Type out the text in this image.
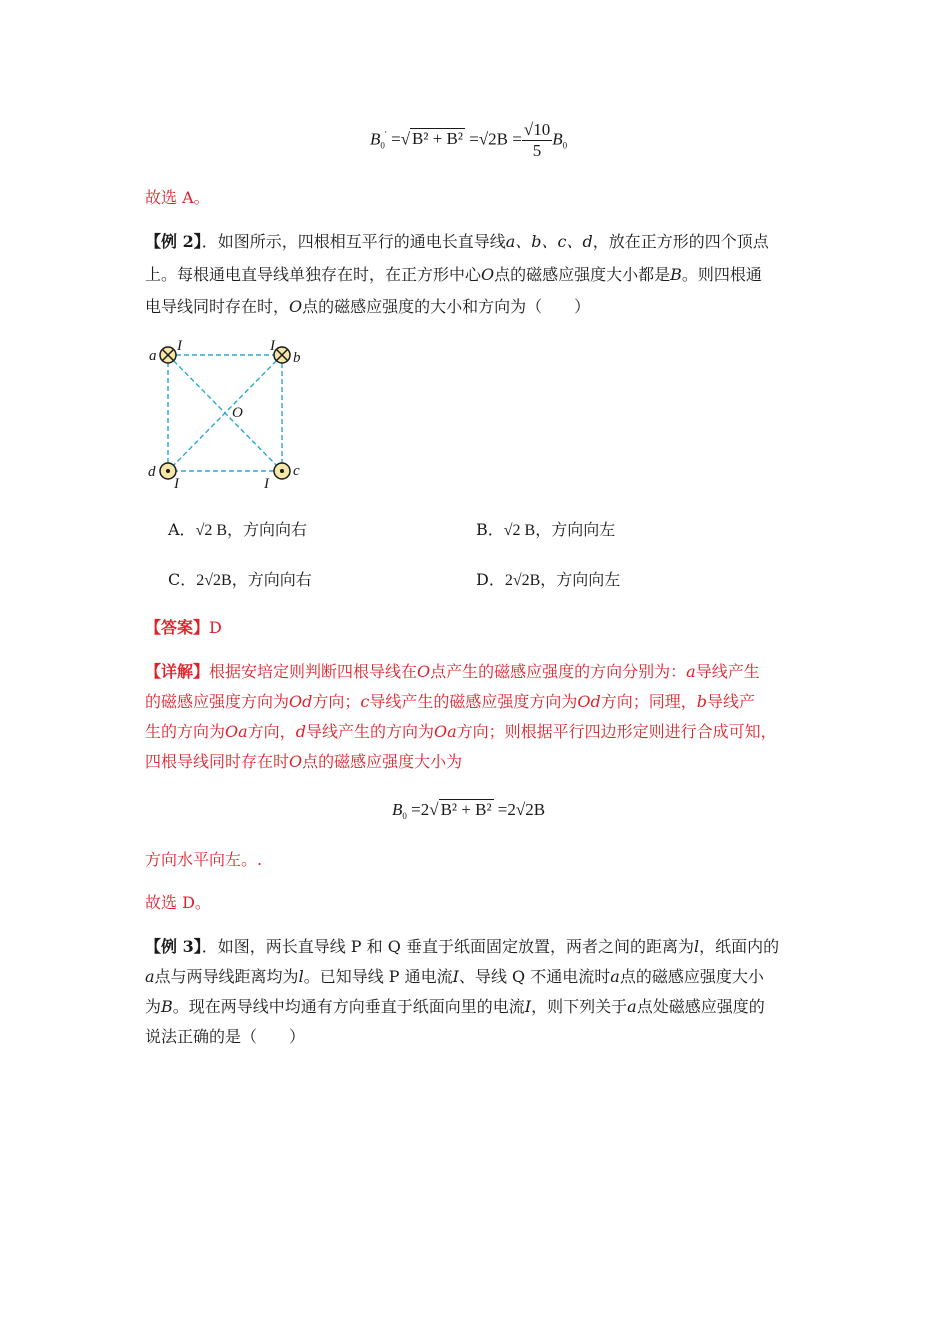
$B_0'$ =√ $B^2 + B^2 =√2B = \frac{√10}{5} B_0$
故选 A。
【例 2】．如图所示，四根相互平行的通电长直导线a、b、c、d，放在正方形的四个顶点
上。每根通电直导线单独存在时，在正方形中心O点的磁感应强度大小都是B。则四根通
电导线同时存在时，O点的磁感应强度的大小和方向为（　　）
a	b
c
d
O
I	I
I
I
A．√2 B，方向向右	B．√2 B，方向向左
C．2√2B，方向向右	D．2√2B，方向向左
【答案】D
【详解】根据安培定则判断四根导线在O点产生的磁感应强度的方向分别为：a导线产生
的磁感应强度方向为Od方向；c导线产生的磁感应强度方向为Od方向；同理，b导线产
生的方向为Oa方向，d导线产生的方向为Oa方向；则根据平行四边形定则进行合成可知，
四根导线同时存在时O点的磁感应强度大小为
$B_0 =2√$ B² + B² =2√2B
方向水平向左。.
故选 D。
【例 3】．如图，两长直导线 P 和 Q 垂直于纸面固定放置，两者之间的距离为l，纸面内的
a点与两导线距离均为l。已知导线 P 通电流I、导线 Q 不通电流时a点的磁感应强度大小
为B。现在两导线中均通有方向垂直于纸面向里的电流I，则下列关于a点处磁感应强度的
说法正确的是（　　）
